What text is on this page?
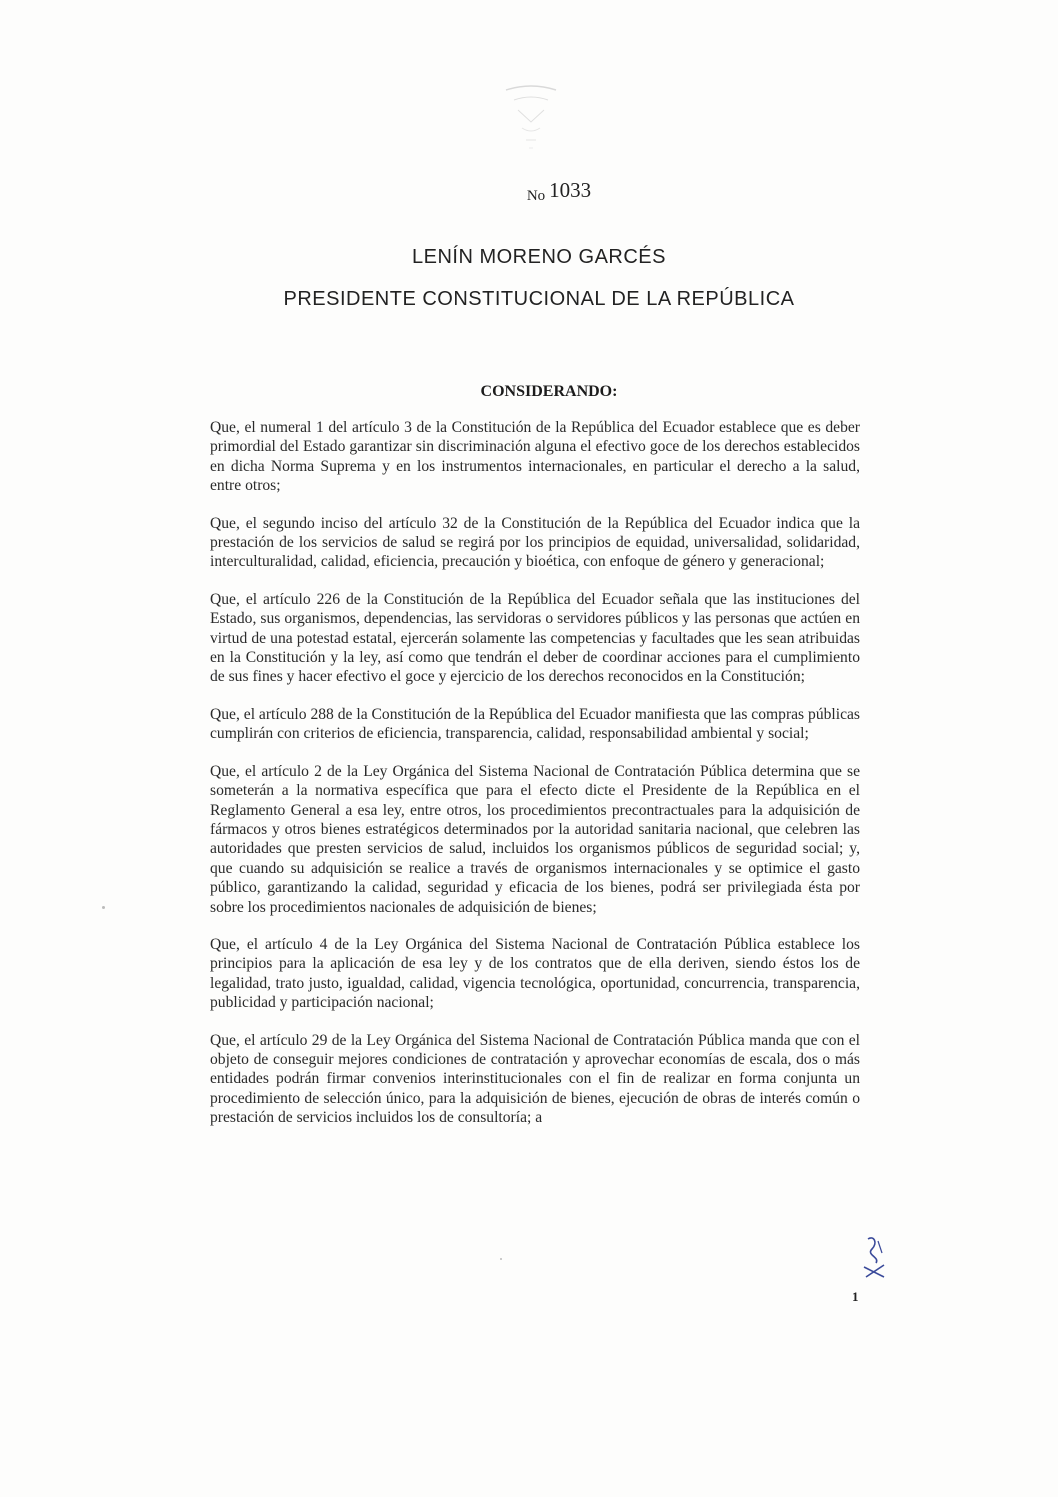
No 1033
LENÍN MORENO GARCÉS
PRESIDENTE CONSTITUCIONAL DE LA REPÚBLICA
CONSIDERANDO:

Que, el numeral 1 del artículo 3 de la Constitución de la República del Ecuador establece que es deber primordial del Estado garantizar sin discriminación alguna el efectivo goce de los derechos establecidos en dicha Norma Suprema y en los instrumentos internacionales, en particular el derecho a la salud, entre otros;

Que, el segundo inciso del artículo 32 de la Constitución de la República del Ecuador indica que la prestación de los servicios de salud se regirá por los principios de equidad, universalidad, solidaridad, interculturalidad, calidad, eficiencia, precaución y bioética, con enfoque de género y generacional;

Que, el artículo 226 de la Constitución de la República del Ecuador señala que las instituciones del Estado, sus organismos, dependencias, las servidoras o servidores públicos y las personas que actúen en virtud de una potestad estatal, ejercerán solamente las competencias y facultades que les sean atribuidas en la Constitución y la ley, así como que tendrán el deber de coordinar acciones para el cumplimiento de sus fines y hacer efectivo el goce y ejercicio de los derechos reconocidos en la Constitución;

Que, el artículo 288 de la Constitución de la República del Ecuador manifiesta que las compras públicas cumplirán con criterios de eficiencia, transparencia, calidad, responsabilidad ambiental y social;

Que, el artículo 2 de la Ley Orgánica del Sistema Nacional de Contratación Pública determina que se someterán a la normativa específica que para el efecto dicte el Presidente de la República en el Reglamento General a esa ley, entre otros, los procedimientos precontractuales para la adquisición de fármacos y otros bienes estratégicos determinados por la autoridad sanitaria nacional, que celebren las autoridades que presten servicios de salud, incluidos los organismos públicos de seguridad social; y, que cuando su adquisición se realice a través de organismos internacionales y se optimice el gasto público, garantizando la calidad, seguridad y eficacia de los bienes, podrá ser privilegiada ésta por sobre los procedimientos nacionales de adquisición de bienes;

Que, el artículo 4 de la Ley Orgánica del Sistema Nacional de Contratación Pública establece los principios para la aplicación de esa ley y de los contratos que de ella deriven, siendo éstos los de legalidad, trato justo, igualdad, calidad, vigencia tecnológica, oportunidad, concurrencia, transparencia, publicidad y participación nacional;

Que, el artículo 29 de la Ley Orgánica del Sistema Nacional de Contratación Pública manda que con el objeto de conseguir mejores condiciones de contratación y aprovechar economías de escala, dos o más entidades podrán firmar convenios interinstitucionales con el fin de realizar en forma conjunta un procedimiento de selección único, para la adquisición de bienes, ejecución de obras de interés común o prestación de servicios incluidos los de consultoría; a

1
